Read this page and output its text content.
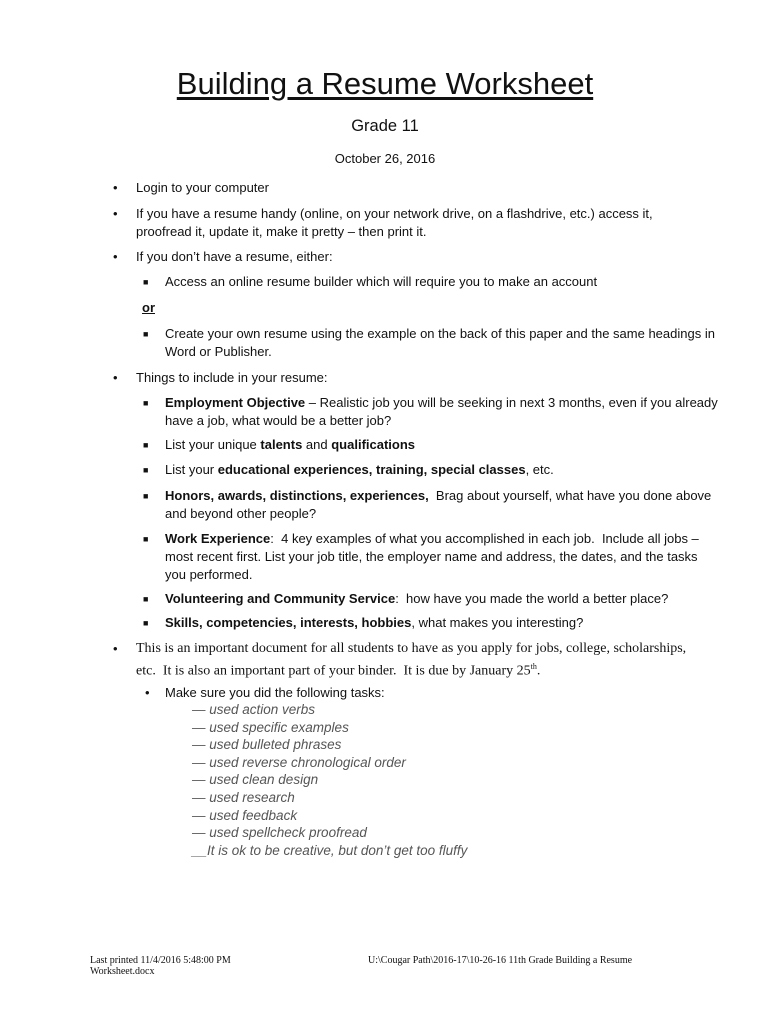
Building a Resume Worksheet
Grade 11
October 26, 2016
•	Login to your computer
•	If you have a resume handy (online, on your network drive, on a flashdrive, etc.) access it,
proofread it, update it, make it pretty – then print it.
•	If you don’t have a resume, either:
■ Access an online resume builder which will require you to make an account
or
■ Create your own resume using the example on the back of this paper and the same headings in
Word or Publisher.
•	Things to include in your resume:
■ Employment Objective – Realistic job you will be seeking in next 3 months, even if you already
have a job, what would be a better job?
■ List your unique talents and qualifications
■ List your educational experiences, training, special classes, etc.
■ Honors, awards, distinctions, experiences,  Brag about yourself, what have you done above
and beyond other people?
■ Work Experience:  4 key examples of what you accomplished in each job.  Include all jobs –
most recent first. List your job title, the employer name and address, the dates, and the tasks
you performed.
■ Volunteering and Community Service:  how have you made the world a better place?
■ Skills, competencies, interests, hobbies, what makes you interesting?
•	This is an important document for all students to have as you apply for jobs, college, scholarships,
etc.  It is also an important part of your binder.  It is due by January 25th.
•	Make sure you did the following tasks:
— used action verbs
— used specific examples
— used bulleted phrases
— used reverse chronological order
— used clean design
— used research
— used feedback
— used spellcheck proofread
__It is ok to be creative, but don’t get too fluffy
Last printed 11/4/2016 5:48:00 PM
Worksheet.docx
U:\Cougar Path\2016-17\10-26-16 11th Grade Building a Resume
